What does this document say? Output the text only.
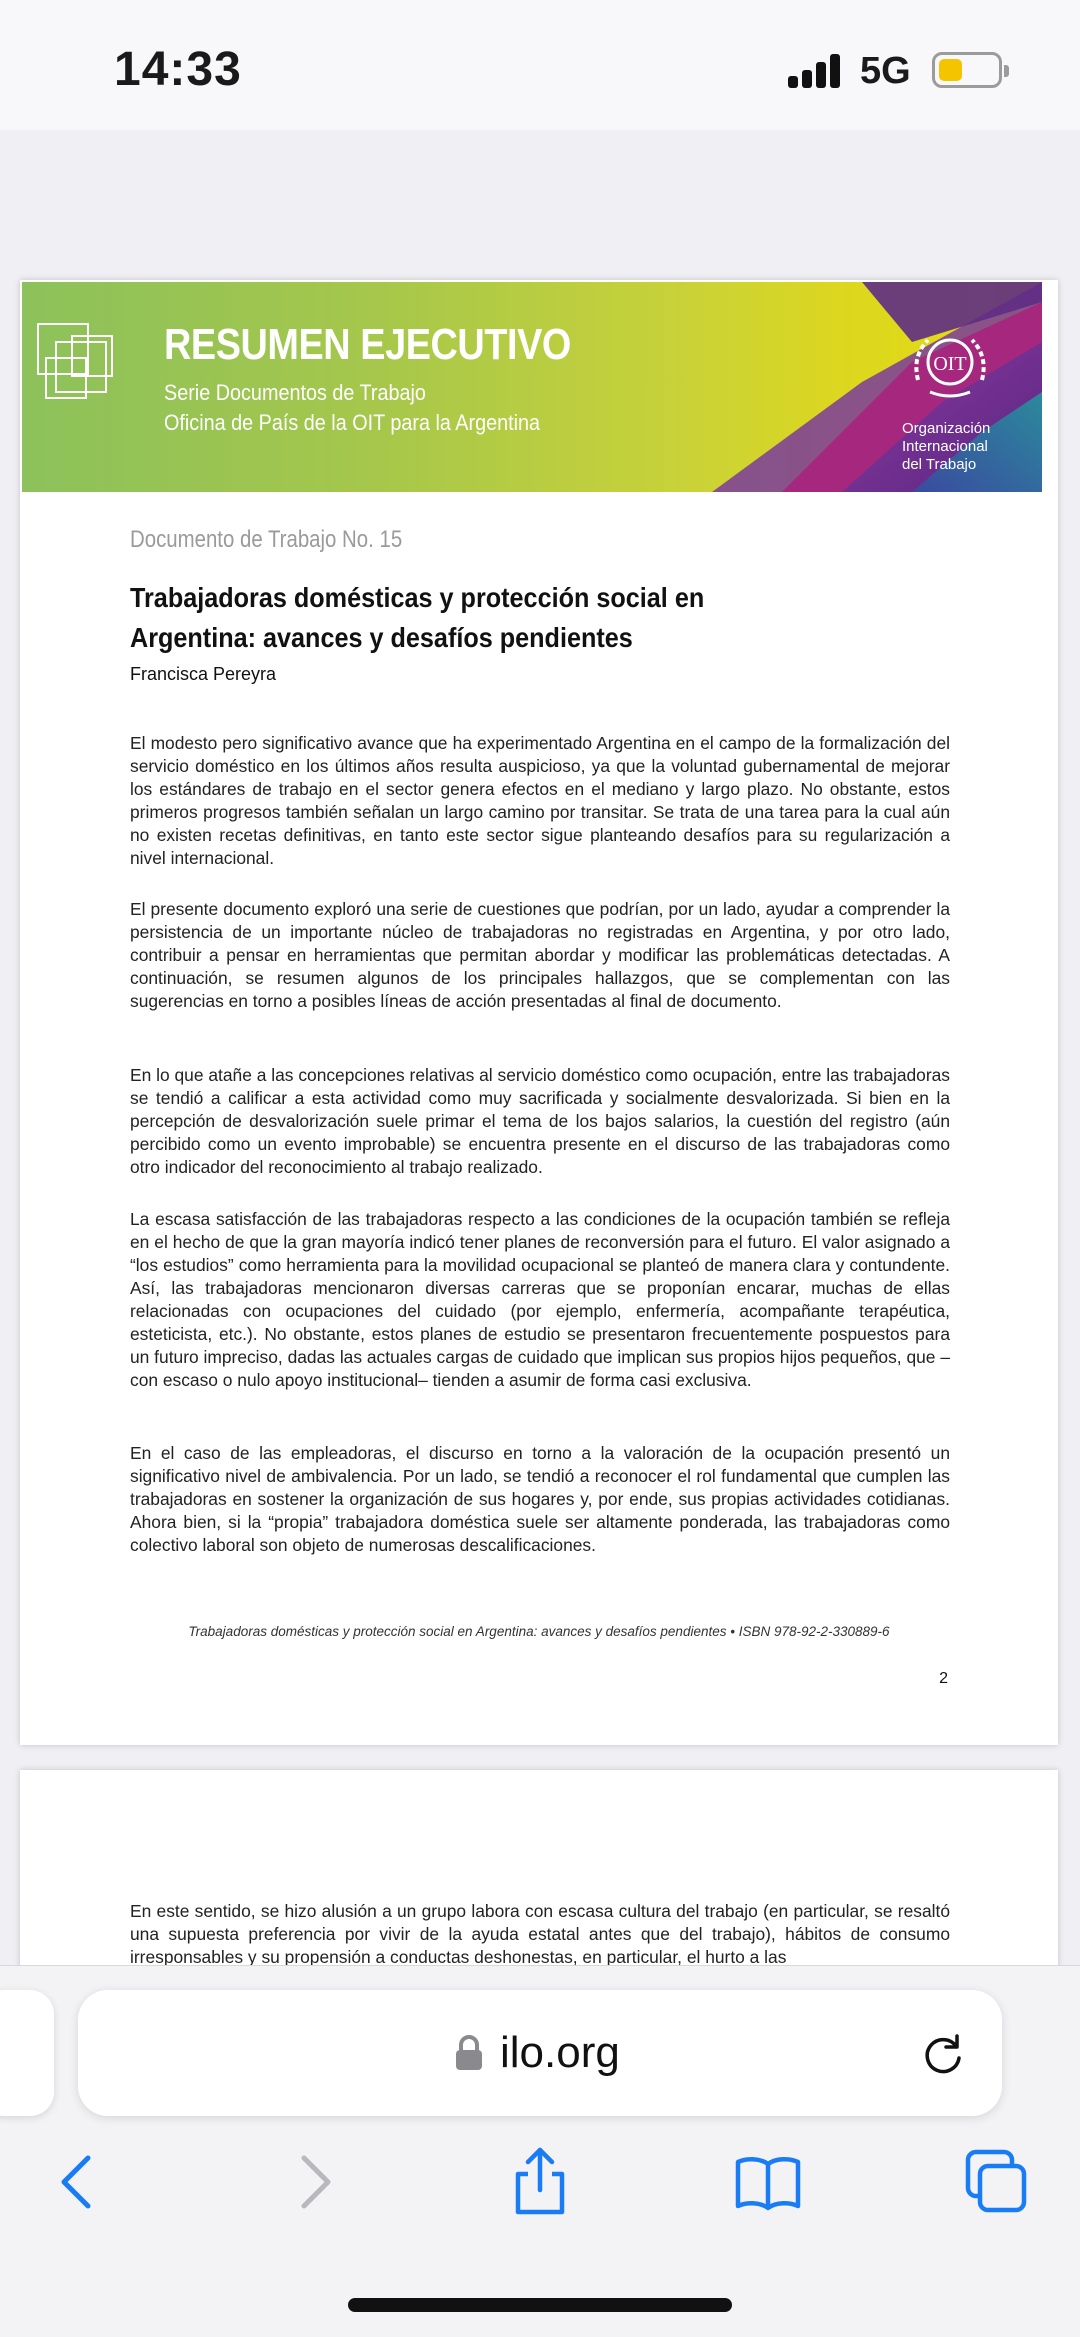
14:33	5G
RESUMEN EJECUTIVO
Serie Documentos de Trabajo
Oficina de País de la OIT para la Argentina
OIT
Organización
Internacional
del Trabajo
Documento de Trabajo No. 15
Trabajadoras domésticas y protección social en Argentina: avances y desafíos pendientes
Francisca Pereyra

El modesto pero significativo avance que ha experimentado Argentina en el campo de la formalización del servicio doméstico en los últimos años resulta auspicioso, ya que la voluntad gubernamental de mejorar los estándares de trabajo en el sector genera efectos en el mediano y largo plazo. No obstante, estos primeros progresos también señalan un largo camino por transitar. Se trata de una tarea para la cual aún no existen recetas definitivas, en tanto este sector sigue planteando desafíos para su regularización a nivel internacional.

El presente documento exploró una serie de cuestiones que podrían, por un lado, ayudar a comprender la persistencia de un importante núcleo de trabajadoras no registradas en Argentina, y por otro lado, contribuir a pensar en herramientas que permitan abordar y modificar las problemáticas detectadas. A continuación, se resumen algunos de los principales hallazgos, que se complementan con las sugerencias en torno a posibles líneas de acción presentadas al final de documento.

En lo que atañe a las concepciones relativas al servicio doméstico como ocupación, entre las trabajadoras se tendió a calificar a esta actividad como muy sacrificada y socialmente desvalorizada. Si bien en la percepción de desvalorización suele primar el tema de los bajos salarios, la cuestión del registro (aún percibido como un evento improbable) se encuentra presente en el discurso de las trabajadoras como otro indicador del reconocimiento al trabajo realizado.

La escasa satisfacción de las trabajadoras respecto a las condiciones de la ocupación también se refleja en el hecho de que la gran mayoría indicó tener planes de reconversión para el futuro. El valor asignado a “los estudios” como herramienta para la movilidad ocupacional se planteó de manera clara y contundente. Así, las trabajadoras mencionaron diversas carreras que se proponían encarar, muchas de ellas relacionadas con ocupaciones del cuidado (por ejemplo, enfermería, acompañante terapéutica, esteticista, etc.). No obstante, estos planes de estudio se presentaron frecuentemente pospuestos para un futuro impreciso, dadas las actuales cargas de cuidado que implican sus propios hijos pequeños, que –con escaso o nulo apoyo institucional– tienden a asumir de forma casi exclusiva.

En el caso de las empleadoras, el discurso en torno a la valoración de la ocupación presentó un significativo nivel de ambivalencia. Por un lado, se tendió a reconocer el rol fundamental que cumplen las trabajadoras en sostener la organización de sus hogares y, por ende, sus propias actividades cotidianas. Ahora bien, si la “propia” trabajadora doméstica suele ser altamente ponderada, las trabajadoras como colectivo laboral son objeto de numerosas descalificaciones.

Trabajadoras domésticas y protección social en Argentina: avances y desafíos pendientes • ISBN 978-92-2-330889-6
2

En este sentido, se hizo alusión a un grupo labora con escasa cultura del trabajo (en particular, se resaltó una supuesta preferencia por vivir de la ayuda estatal antes que del trabajo), hábitos de consumo irresponsables y su propensión a conductas deshonestas, en particular, el hurto a las

ilo.org
